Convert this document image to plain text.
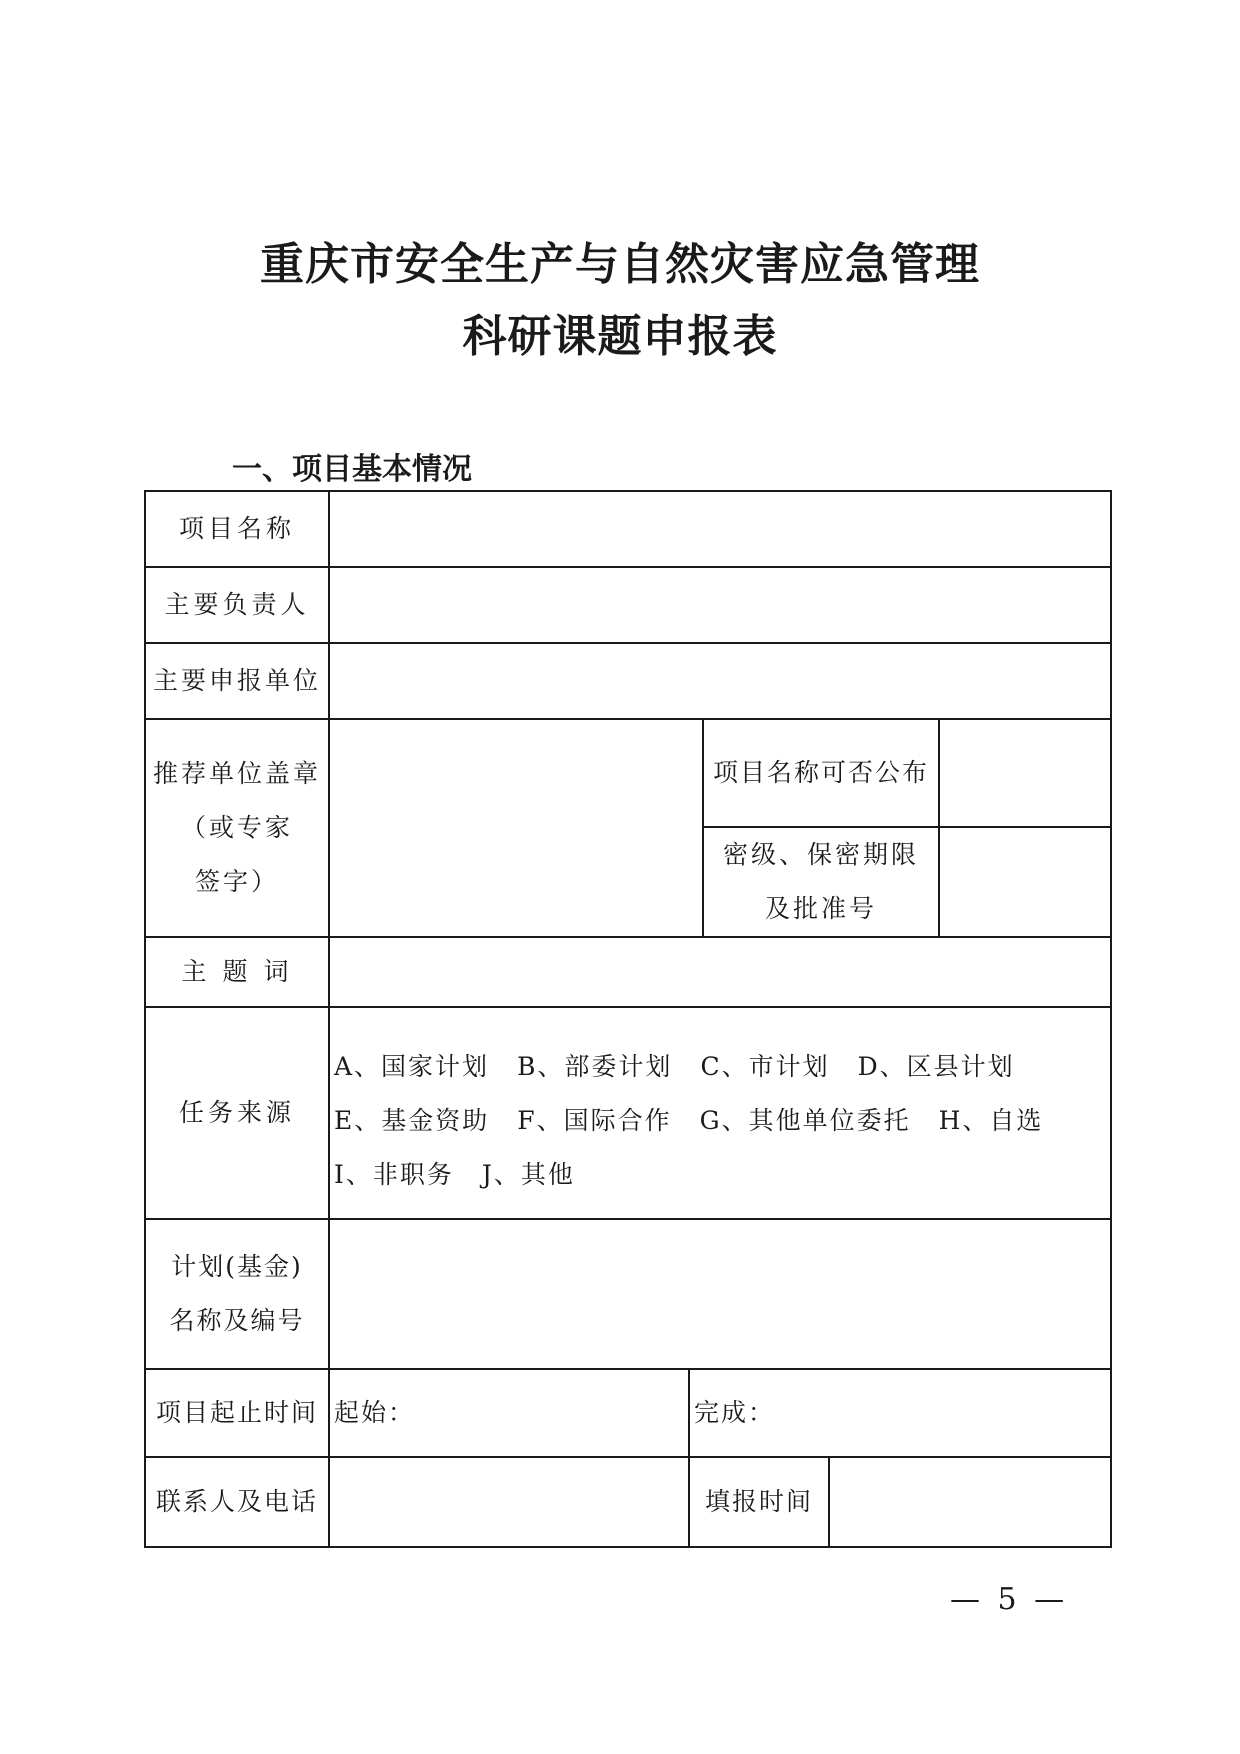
重庆市安全生产与自然灾害应急管理
科研课题申报表
一、项目基本情况
项目名称
主要负责人
主要申报单位
推荐单位盖章
（或专家
签字）
项目名称可否公布
密级、保密期限
及批准号
主 题 词
任务来源
A、国家计划 B、部委计划 C、市计划 D、区县计划
E、基金资助 F、国际合作 G、其他单位委托 H、自选
I、非职务 J、其他
计划(基金)
名称及编号
项目起止时间 起始：	完成：
联系人及电话	填报时间
— 5 —
